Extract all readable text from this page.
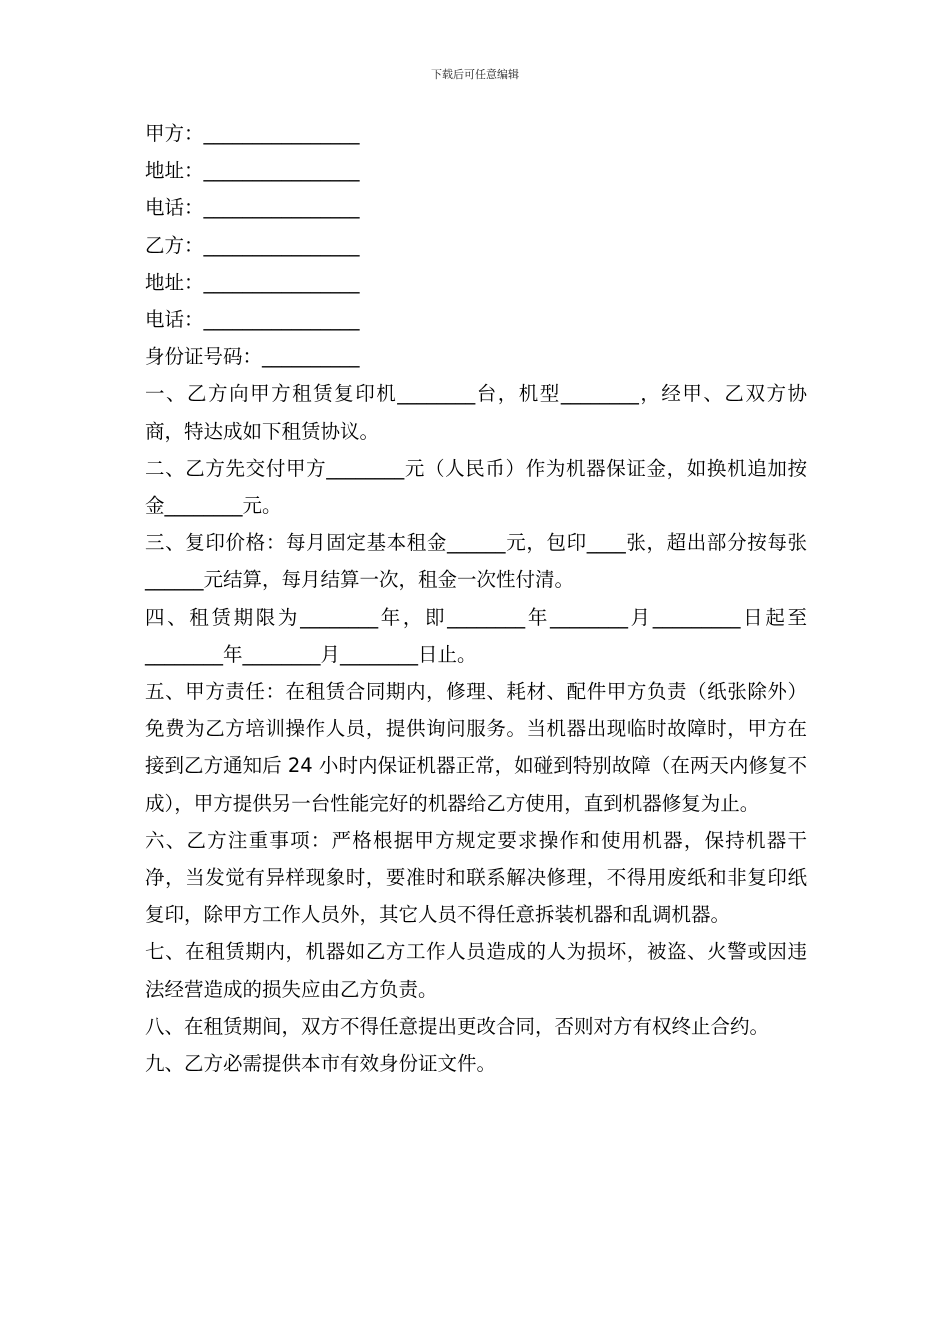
下载后可任意编辑
甲方：________________
地址：________________
电话：________________
乙方：________________
地址：________________
电话：________________
身份证号码：__________
一、乙方向甲方租赁复印机________台，机型________，经甲、乙双方协商，特达成如下租赁协议。
二、乙方先交付甲方________元（人民币）作为机器保证金，如换机追加按金________元。
三、复印价格：每月固定基本租金______元，包印____张，超出部分按每张______元结算，每月结算一次，租金一次性付清。
四、租赁期限为________年，即________年________月_________日起至________年________月________日止。
五、甲方责任：在租赁合同期内，修理、耗材、配件甲方负责（纸张除外）免费为乙方培训操作人员，提供询问服务。当机器出现临时故障时，甲方在接到乙方通知后 24 小时内保证机器正常，如碰到特别故障（在两天内修复不成），甲方提供另一台性能完好的机器给乙方使用，直到机器修复为止。
六、乙方注重事项：严格根据甲方规定要求操作和使用机器，保持机器干净，当发觉有异样现象时，要准时和联系解决修理，不得用废纸和非复印纸复印，除甲方工作人员外，其它人员不得任意拆装机器和乱调机器。
七、在租赁期内，机器如乙方工作人员造成的人为损坏，被盗、火警或因违法经营造成的损失应由乙方负责。
八、在租赁期间，双方不得任意提出更改合同，否则对方有权终止合约。
九、乙方必需提供本市有效身份证文件。
